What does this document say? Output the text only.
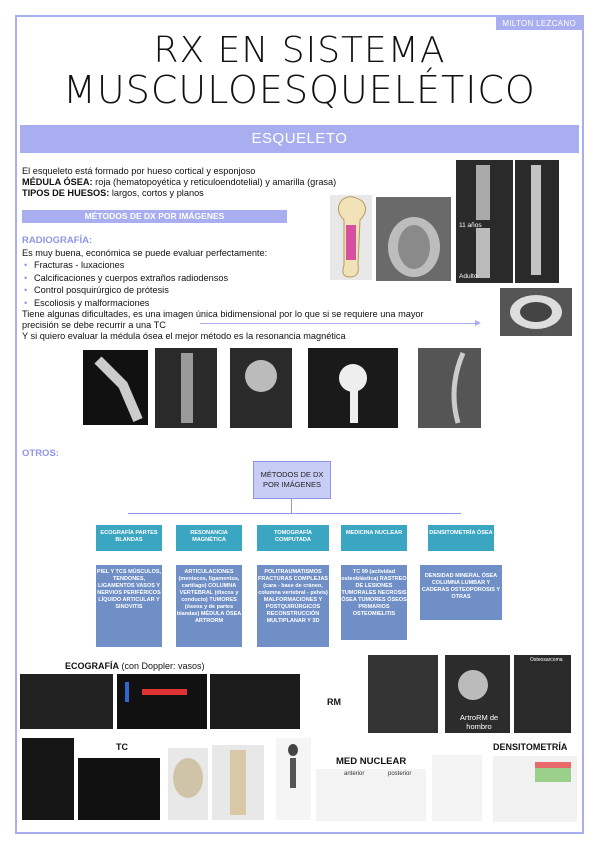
MILTON LEZCANO
RX EN SISTEMA
MUSCULOESQUELÉTICO
ESQUELETO
El esqueleto está formado por hueso cortical y esponjoso
MÉDULA ÓSEA: roja (hematopoyética y reticuloendotelial) y amarilla (grasa)
TIPOS DE HUESOS: largos, cortos y planos
MÉTODOS DE DX POR IMÁGENES
RADIOGRAFÍA:
Es muy buena, económica se puede evaluar perfectamente:
• Fracturas - luxaciones
• Calcificaciones y cuerpos extraños radiodensos
• Control posquirúrgico de prótesis
• Escoliosis y malformaciones
Tiene algunas dificultades, es una imagen única bidimensional por lo que si se requiere una mayor
precisión se debe recurrir a una TC
Y si quiero evaluar la médula ósea el mejor método es la resonancia magnética
11 años
Adulto
OTROS:
MÉTODOS DE DX POR IMÁGENES
ECOGRAFÍA PARTES BLANDAS
RESONANCIA MAGNÉTICA
TOMOGRAFÍA COMPUTADA
MEDICINA NUCLEAR	DENSITOMETRÍA ÓSEA
PIEL Y TCS MÚSCULOS, TENDONES, LIGAMENTOS VASOS Y NERVIOS PERIFÉRICOS LÍQUIDO ARTICULAR Y SINOVITIS
ARTICULACIONES (meniscos, ligamentos, cartílago) COLUMNA VERTEBRAL (discos y conducto) TUMORES (óseos y de partes blandas) MÉDULA ÓSEA ARTRORM
POLITRAUMATISMOS FRACTURAS COMPLEJAS (cara - base de cráneo, columna vertebral - pelvis) MALFORMACIONES Y POSTQUIRÚRGICOS RECONSTRUCCIÓN MULTIPLANAR Y 3D
TC 99 (actividad osteoblástica) RASTREO DE LESIONES TUMORALES NECROSIS ÓSEA TUMORES ÓSEOS PRIMARIOS OSTEOMIELITIS
DENSIDAD MINERAL ÓSEA COLUMNA LUMBAR Y CADERAS OSTEOPOROSIS Y OTRAS
ECOGRAFÍA (con Doppler: vasos)
RM
ArtroRM de hombro
Osteosarcoma
TC
MED NUCLEAR
anterior	posterior
DENSITOMETRÍA
